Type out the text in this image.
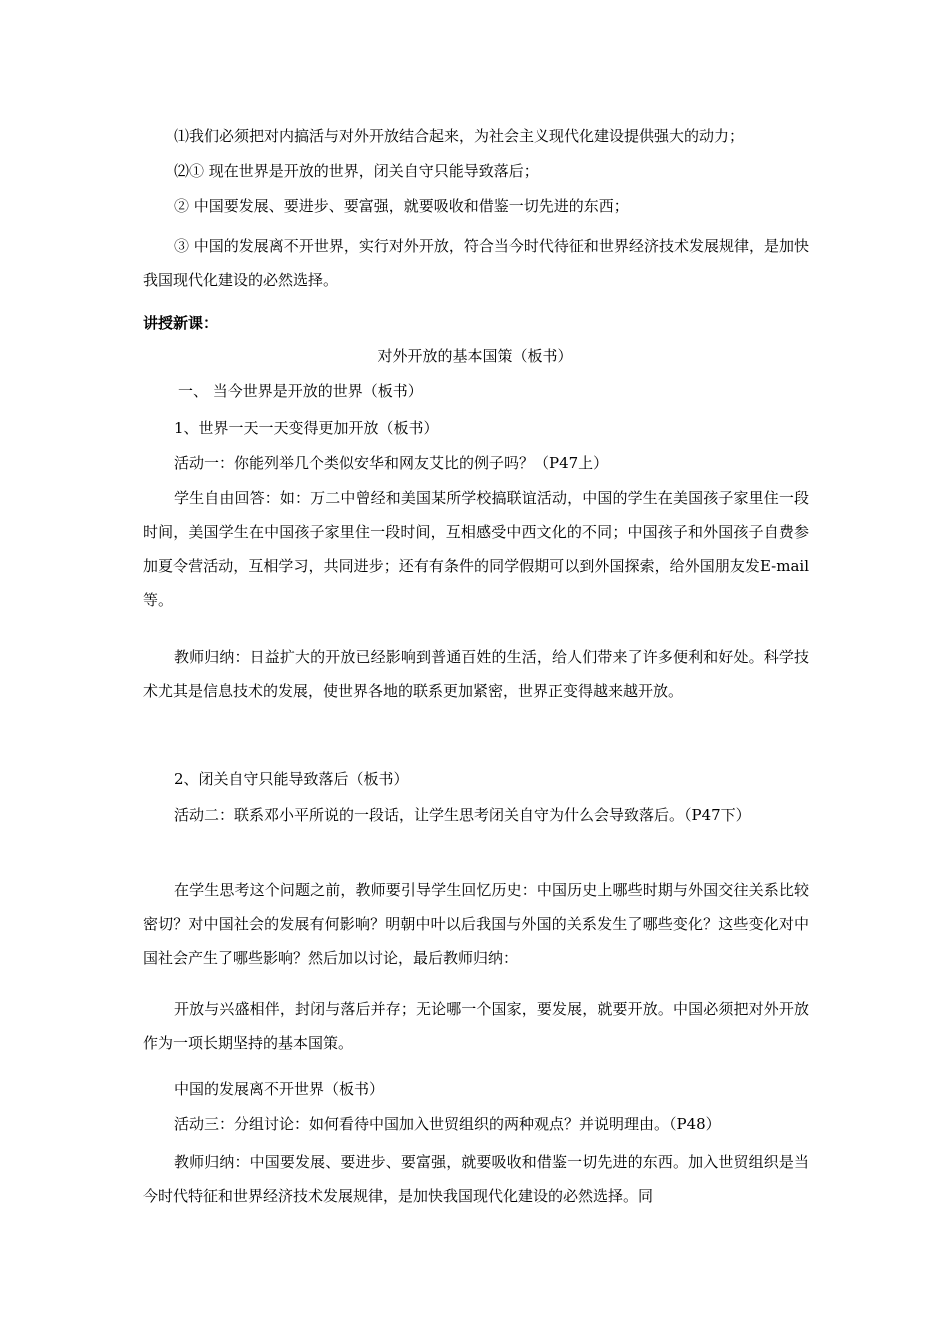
⑴我们必须把对内搞活与对外开放结合起来，为社会主义现代化建设提供强大的动力；
⑵① 现在世界是开放的世界，闭关自守只能导致落后；
② 中国要发展、要进步、要富强，就要吸收和借鉴一切先进的东西；
③ 中国的发展离不开世界，实行对外开放，符合当今时代待征和世界经济技术发展规律，是加快我国现代化建设的必然选择。
讲授新课：
对外开放的基本国策（板书）
一、 当今世界是开放的世界（板书）
1、世界一天一天变得更加开放（板书）
活动一：你能列举几个类似安华和网友艾比的例子吗？（P47上）
学生自由回答：如：万二中曾经和美国某所学校搞联谊活动，中国的学生在美国孩子家里住一段时间，美国学生在中国孩子家里住一段时间，互相感受中西文化的不同；中国孩子和外国孩子自费参加夏令营活动，互相学习，共同进步；还有有条件的同学假期可以到外国探索，给外国朋友发E-mail等。
教师归纳：日益扩大的开放已经影响到普通百姓的生活，给人们带来了许多便利和好处。科学技术尤其是信息技术的发展，使世界各地的联系更加紧密，世界正变得越来越开放。
2、闭关自守只能导致落后（板书）
活动二：联系邓小平所说的一段话，让学生思考闭关自守为什么会导致落后。（P47下）
在学生思考这个问题之前，教师要引导学生回忆历史：中国历史上哪些时期与外国交往关系比较密切？对中国社会的发展有何影响？明朝中叶以后我国与外国的关系发生了哪些变化？这些变化对中国社会产生了哪些影响？然后加以讨论，最后教师归纳：
开放与兴盛相伴，封闭与落后并存；无论哪一个国家，要发展，就要开放。中国必须把对外开放作为一项长期坚持的基本国策。
中国的发展离不开世界（板书）
活动三：分组讨论：如何看待中国加入世贸组织的两种观点？并说明理由。（P48）
教师归纳：中国要发展、要进步、要富强，就要吸收和借鉴一切先进的东西。加入世贸组织是当今时代特征和世界经济技术发展规律，是加快我国现代化建设的必然选择。同
